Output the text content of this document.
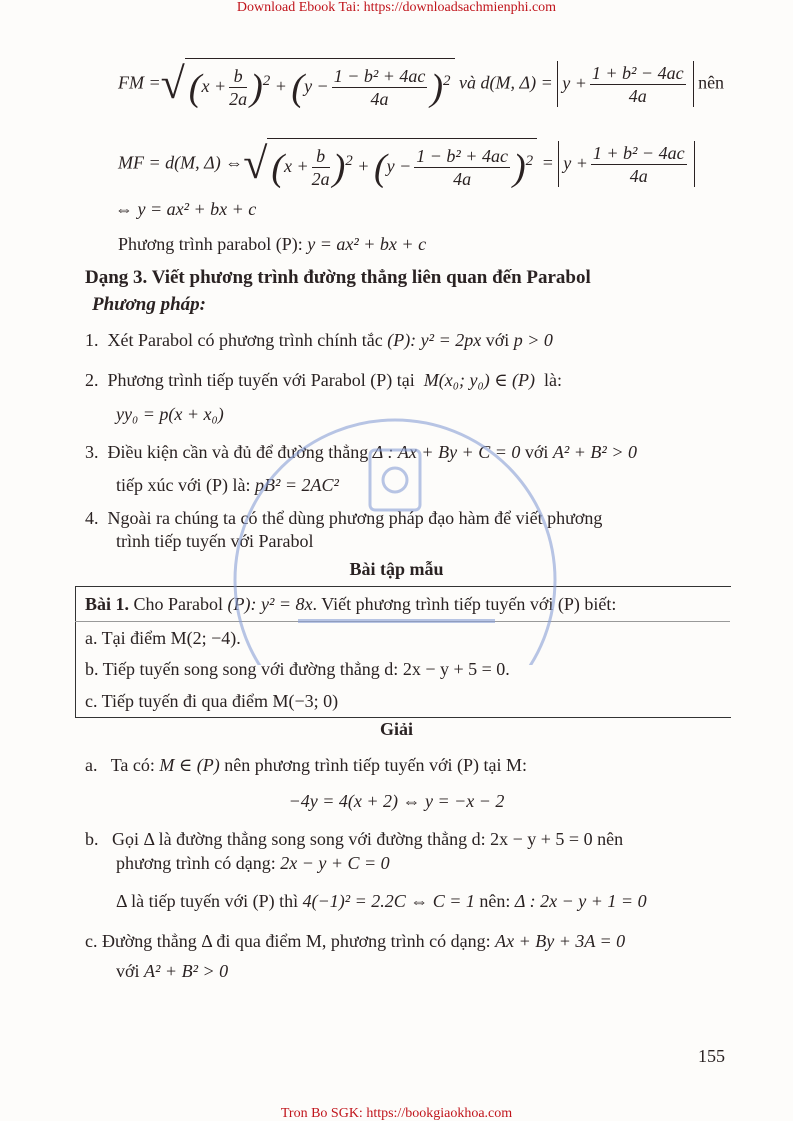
Download Ebook Tai: https://downloadsachmienphi.com
FM =√ $(x + \frac{b}{2a} )^2 + (y - \frac{\text{1 − b² + 4ac}}{4a} )^2$ và d(M, $\Delta) = y + \frac{\text{1 + b² − 4ac}}{4a}$ nên
MF = d(M, Δ) ⇔√ $(x + \frac{b}{2a} )^2 + (y - \frac{\text{1 − b² + 4ac}}{4a} )^2 = y + \frac{\text{1 + b² − 4ac}}{4a}$
⇔ y = ax² + bx + c
Phương trình parabol (P): y = ax² + bx + c
Dạng 3. Viết phương trình đường thẳng liên quan đến Parabol
Phương pháp:
1. Xét Parabol có phương trình chính tắc (P): y² = 2px với p > 0
2. Phương trình tiếp tuyến với Parabol (P) tại M(x₀; y₀) ∈ (P) là:
yy₀ = p(x + x₀)
3. Điều kiện cần và đủ để đường thẳng Δ : Ax + By + C = 0 với A² + B² > 0
tiếp xúc với (P) là: pB² = 2AC²
4. Ngoài ra chúng ta có thể dùng phương pháp đạo hàm để viết phương
trình tiếp tuyến với Parabol
Bài tập mẫu
Bài 1. Cho Parabol (P): y² = 8x. Viết phương trình tiếp tuyến với (P) biết:
a. Tại điểm M(2; −4).
b. Tiếp tuyến song song với đường thẳng d: 2x − y + 5 = 0.
c. Tiếp tuyến đi qua điểm M(−3; 0)
Giải
a. Ta có: M ∈ (P) nên phương trình tiếp tuyến với (P) tại M:
−4y = 4(x + 2) ⇔ y = −x − 2
b. Gọi Δ là đường thẳng song song với đường thẳng d: 2x − y + 5 = 0 nên
phương trình có dạng: 2x − y + C = 0
Δ là tiếp tuyến với (P) thì 4(−1)² = 2.2C ⇔ C = 1 nên: Δ : 2x − y + 1 = 0
c. Đường thẳng Δ đi qua điểm M, phương trình có dạng: Ax + By + 3A = 0
với A² + B² > 0
155
Tron Bo SGK: https://bookgiaokhoa.com
